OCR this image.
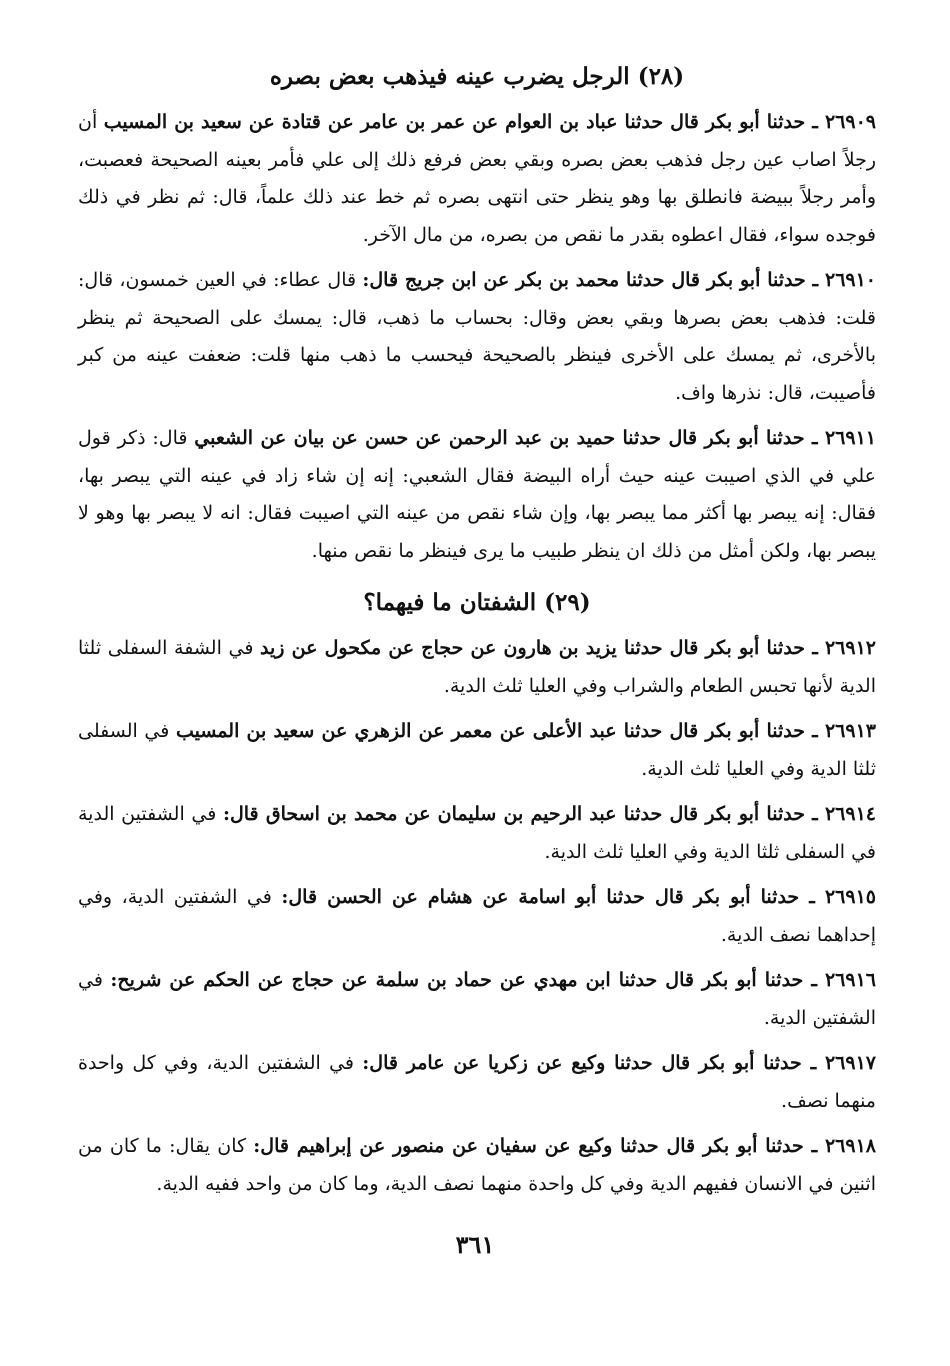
(٢٨) الرجل يضرب عينه فيذهب بعض بصره

٢٦٩٠٩ ـ حدثنا أبو بكر قال حدثنا عباد بن العوام عن عمر بن عامر عن قتادة عن سعيد بن المسيب أن رجلاً اصاب عين رجل فذهب بعض بصره وبقي بعض فرفع ذلك إلى علي فأمر بعينه الصحيحة فعصبت، وأمر رجلاً ببيضة فانطلق بها وهو ينظر حتى انتهى بصره ثم خط عند ذلك علماً، قال: ثم نظر في ذلك فوجده سواء، فقال اعطوه بقدر ما نقص من بصره، من مال الآخر.

٢٦٩١٠ ـ حدثنا أبو بكر قال حدثنا محمد بن بكر عن ابن جريج قال: قال عطاء: في العين خمسون، قال: قلت: فذهب بعض بصرها وبقي بعض وقال: بحساب ما ذهب، قال: يمسك على الصحيحة ثم ينظر بالأخرى، ثم يمسك على الأخرى فينظر بالصحيحة فيحسب ما ذهب منها قلت: ضعفت عينه من كبر فأصيبت، قال: نذرها واف.

٢٦٩١١ ـ حدثنا أبو بكر قال حدثنا حميد بن عبد الرحمن عن حسن عن بيان عن الشعبي قال: ذكر قول علي في الذي اصيبت عينه حيث أراه البيضة فقال الشعبي: إنه إن شاء زاد في عينه التي يبصر بها، فقال: إنه يبصر بها أكثر مما يبصر بها، وإن شاء نقص من عينه التي اصيبت فقال: انه لا يبصر بها وهو لا يبصر بها، ولكن أمثل من ذلك ان ينظر طبيب ما يرى فينظر ما نقص منها.

(٢٩) الشفتان ما فيهما؟

٢٦٩١٢ ـ حدثنا أبو بكر قال حدثنا يزيد بن هارون عن حجاج عن مكحول عن زيد في الشفة السفلى ثلثا الدية لأنها تحبس الطعام والشراب وفي العليا ثلث الدية.

٢٦٩١٣ ـ حدثنا أبو بكر قال حدثنا عبد الأعلى عن معمر عن الزهري عن سعيد بن المسيب في السفلى ثلثا الدية وفي العليا ثلث الدية.

٢٦٩١٤ ـ حدثنا أبو بكر قال حدثنا عبد الرحيم بن سليمان عن محمد بن اسحاق قال: في الشفتين الدية في السفلى ثلثا الدية وفي العليا ثلث الدية.

٢٦٩١٥ ـ حدثنا أبو بكر قال حدثنا أبو اسامة عن هشام عن الحسن قال: في الشفتين الدية، وفي إحداهما نصف الدية.

٢٦٩١٦ ـ حدثنا أبو بكر قال حدثنا ابن مهدي عن حماد بن سلمة عن حجاج عن الحكم عن شريح: في الشفتين الدية.

٢٦٩١٧ ـ حدثنا أبو بكر قال حدثنا وكيع عن زكريا عن عامر قال: في الشفتين الدية، وفي كل واحدة منهما نصف.

٢٦٩١٨ ـ حدثنا أبو بكر قال حدثنا وكيع عن سفيان عن منصور عن إبراهيم قال: كان يقال: ما كان من اثنين في الانسان ففيهم الدية وفي كل واحدة منهما نصف الدية، وما كان من واحد ففيه الدية.

٣٦١
